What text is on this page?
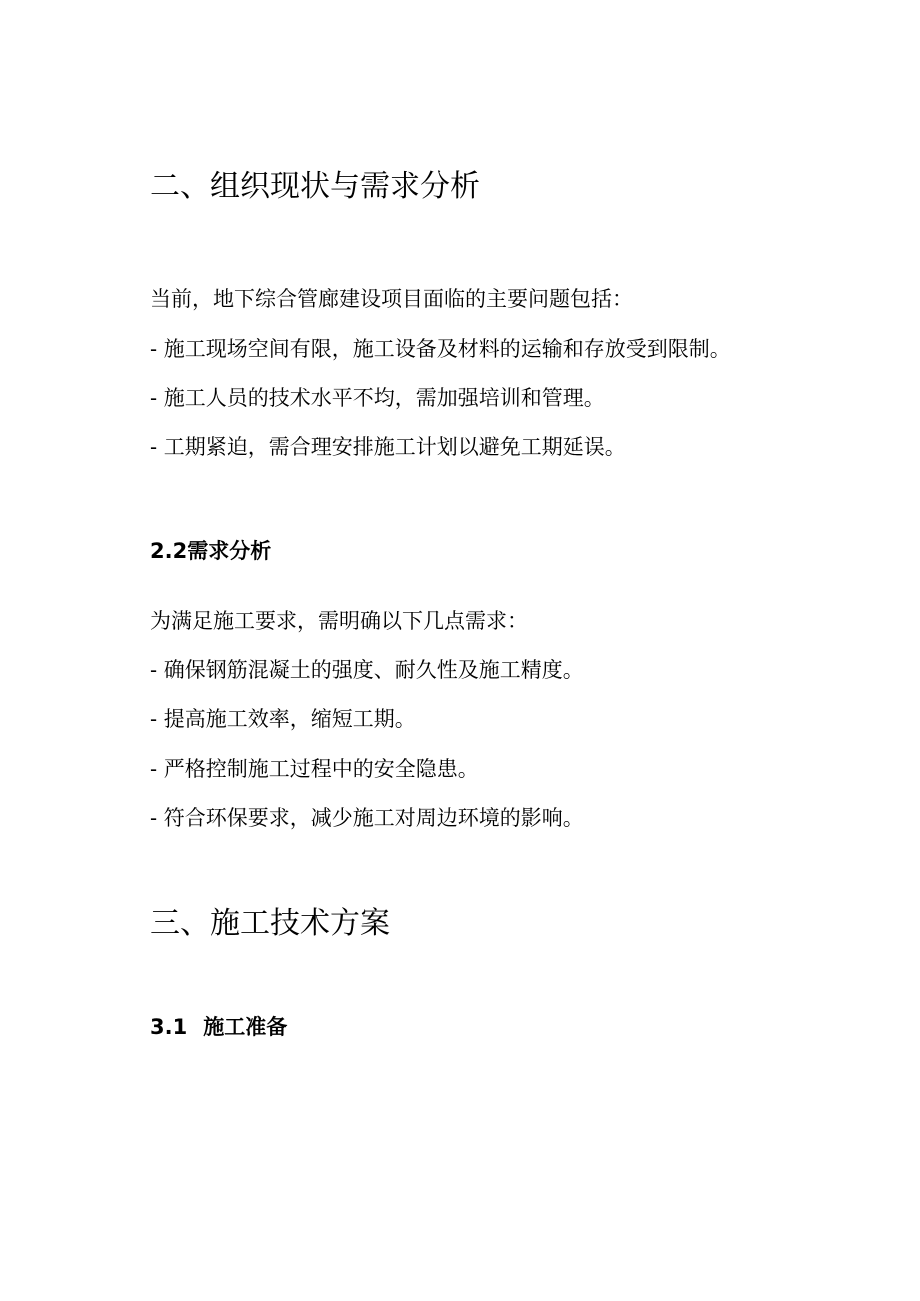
二、组织现状与需求分析
当前，地下综合管廊建设项目面临的主要问题包括：
- 施工现场空间有限，施工设备及材料的运输和存放受到限制。
- 施工人员的技术水平不均，需加强培训和管理。
- 工期紧迫，需合理安排施工计划以避免工期延误。
2.2需求分析
为满足施工要求，需明确以下几点需求：
- 确保钢筋混凝土的强度、耐久性及施工精度。
- 提高施工效率，缩短工期。
- 严格控制施工过程中的安全隐患。
- 符合环保要求，减少施工对周边环境的影响。
三、施工技术方案
3.1 施工准备
